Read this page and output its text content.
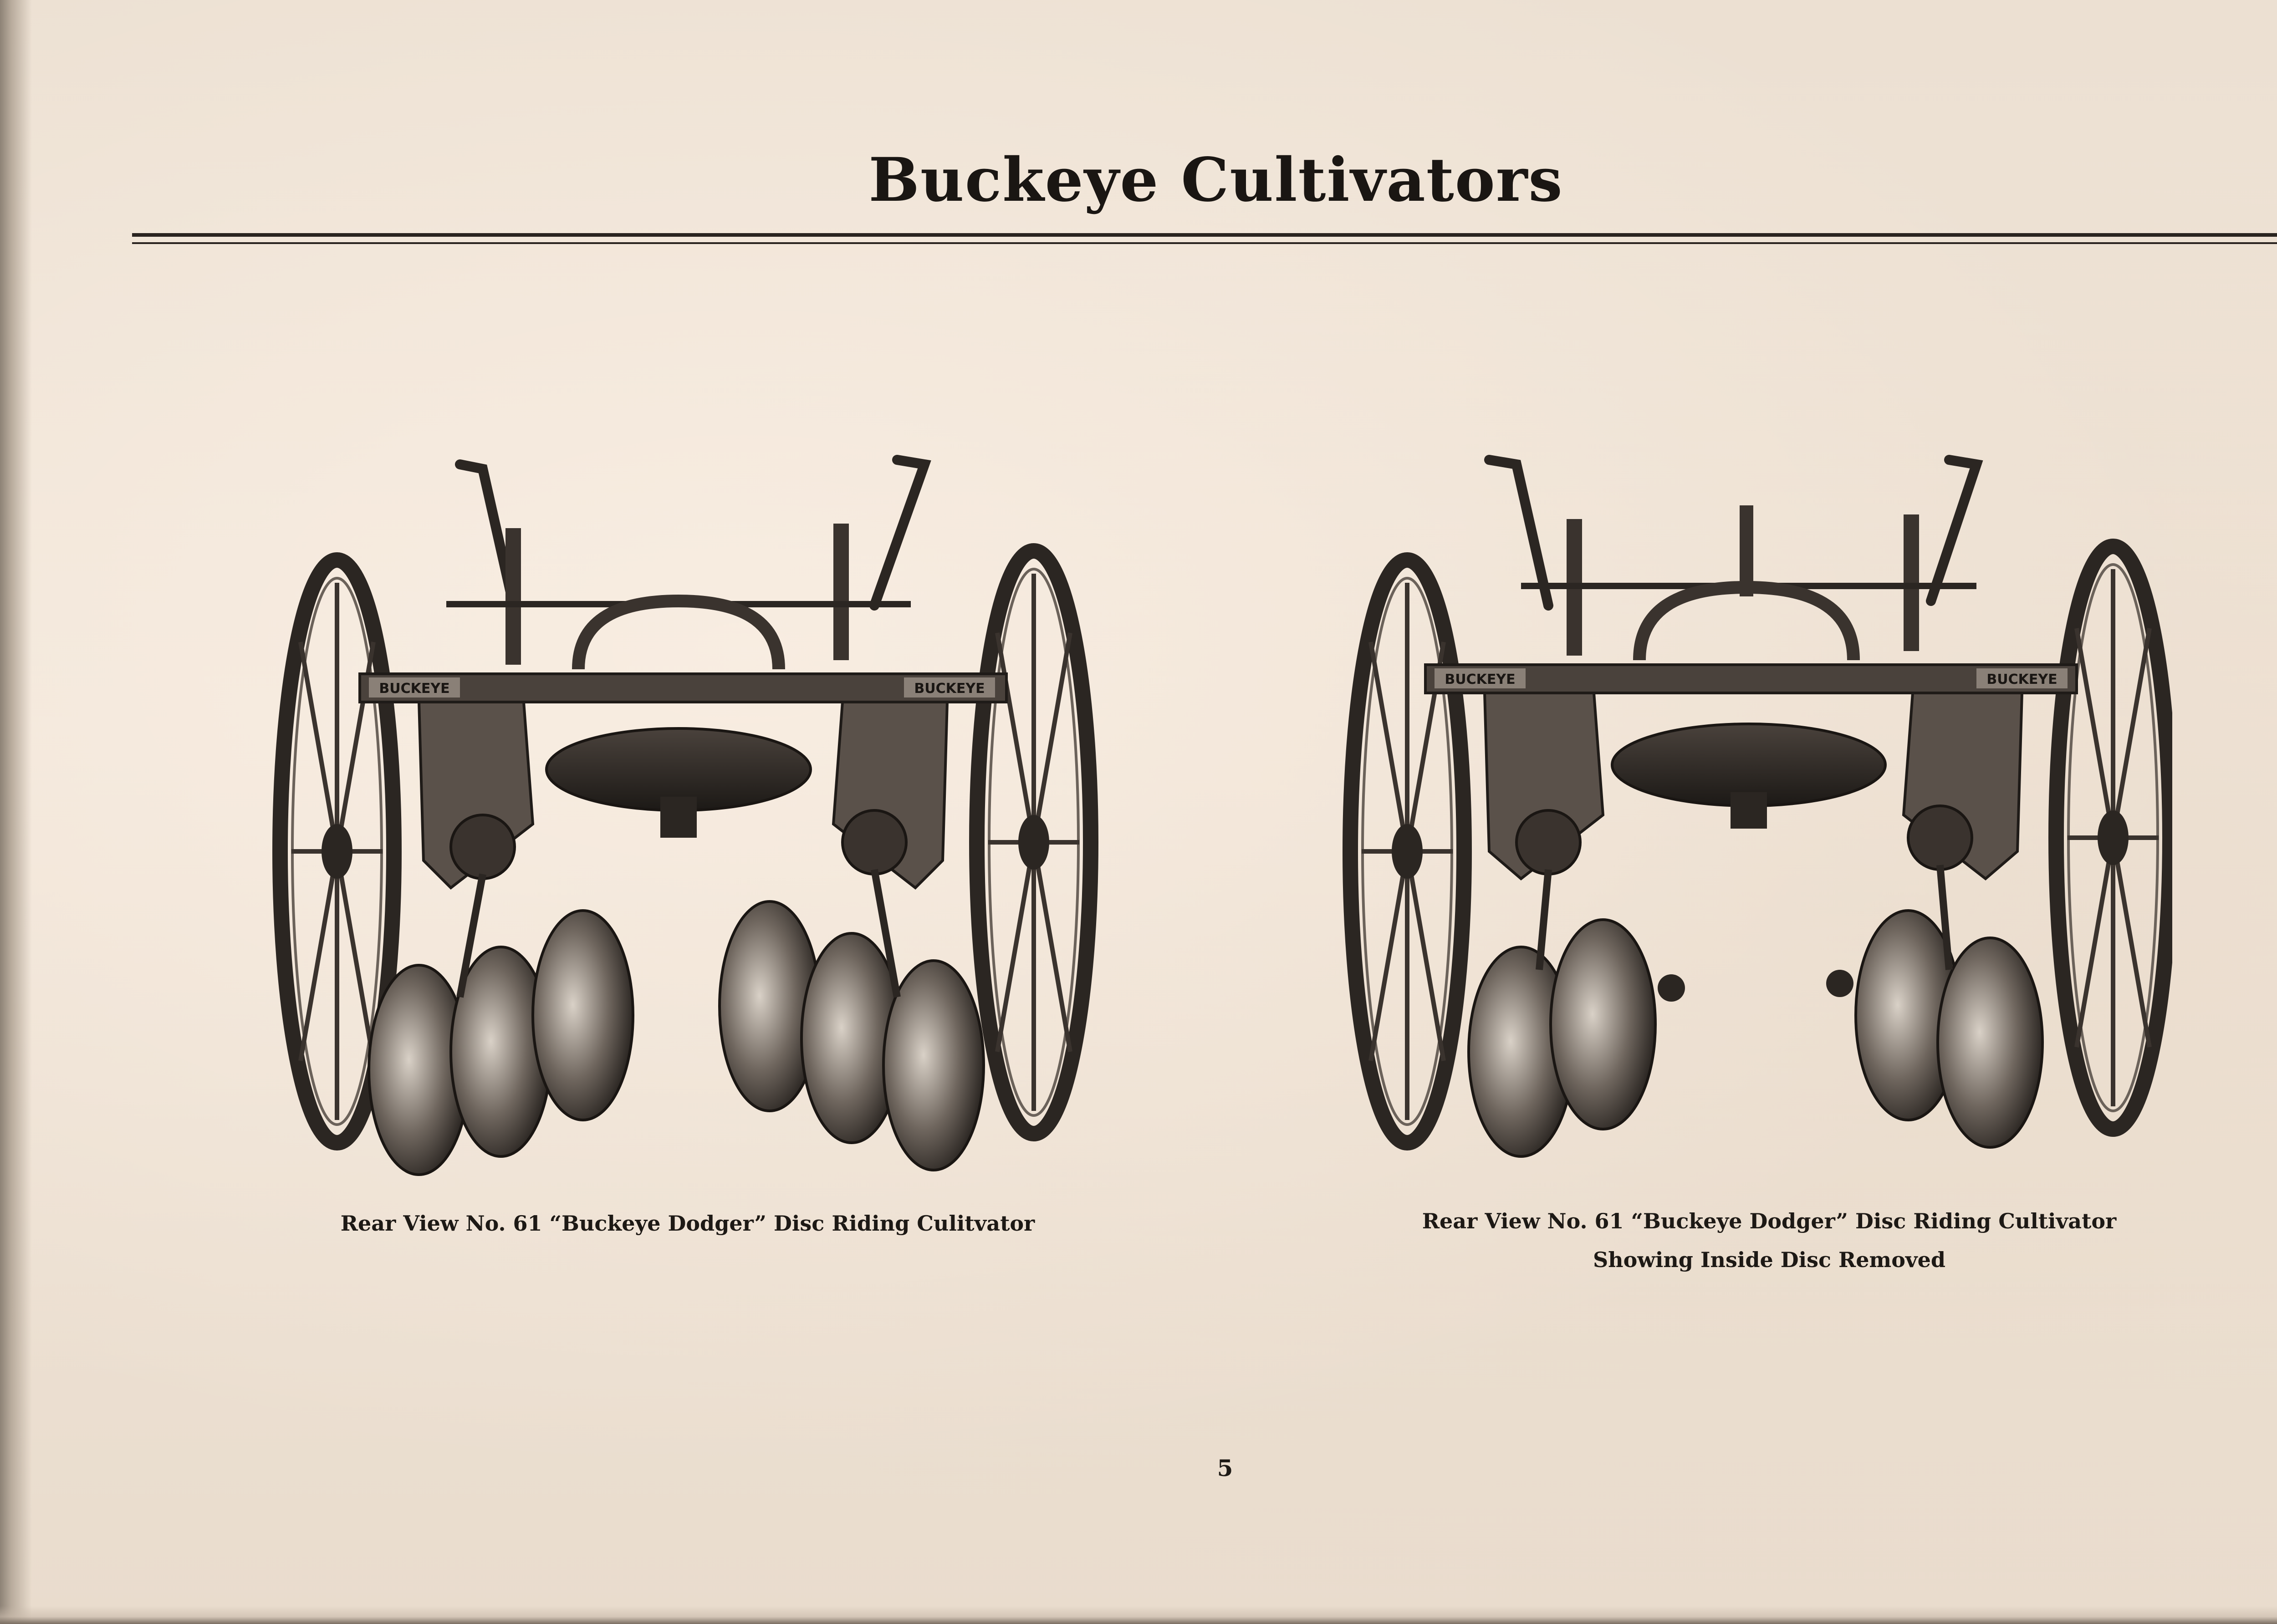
Buckeye Cultivators
BUCKEYE	BUCKEYE
BUCKEYE	BUCKEYE
Rear View No. 61 “Buckeye Dodger” Disc Riding Culitvator	Rear View No. 61 “Buckeye Dodger” Disc Riding Cultivator
Showing Inside Disc Removed
5
